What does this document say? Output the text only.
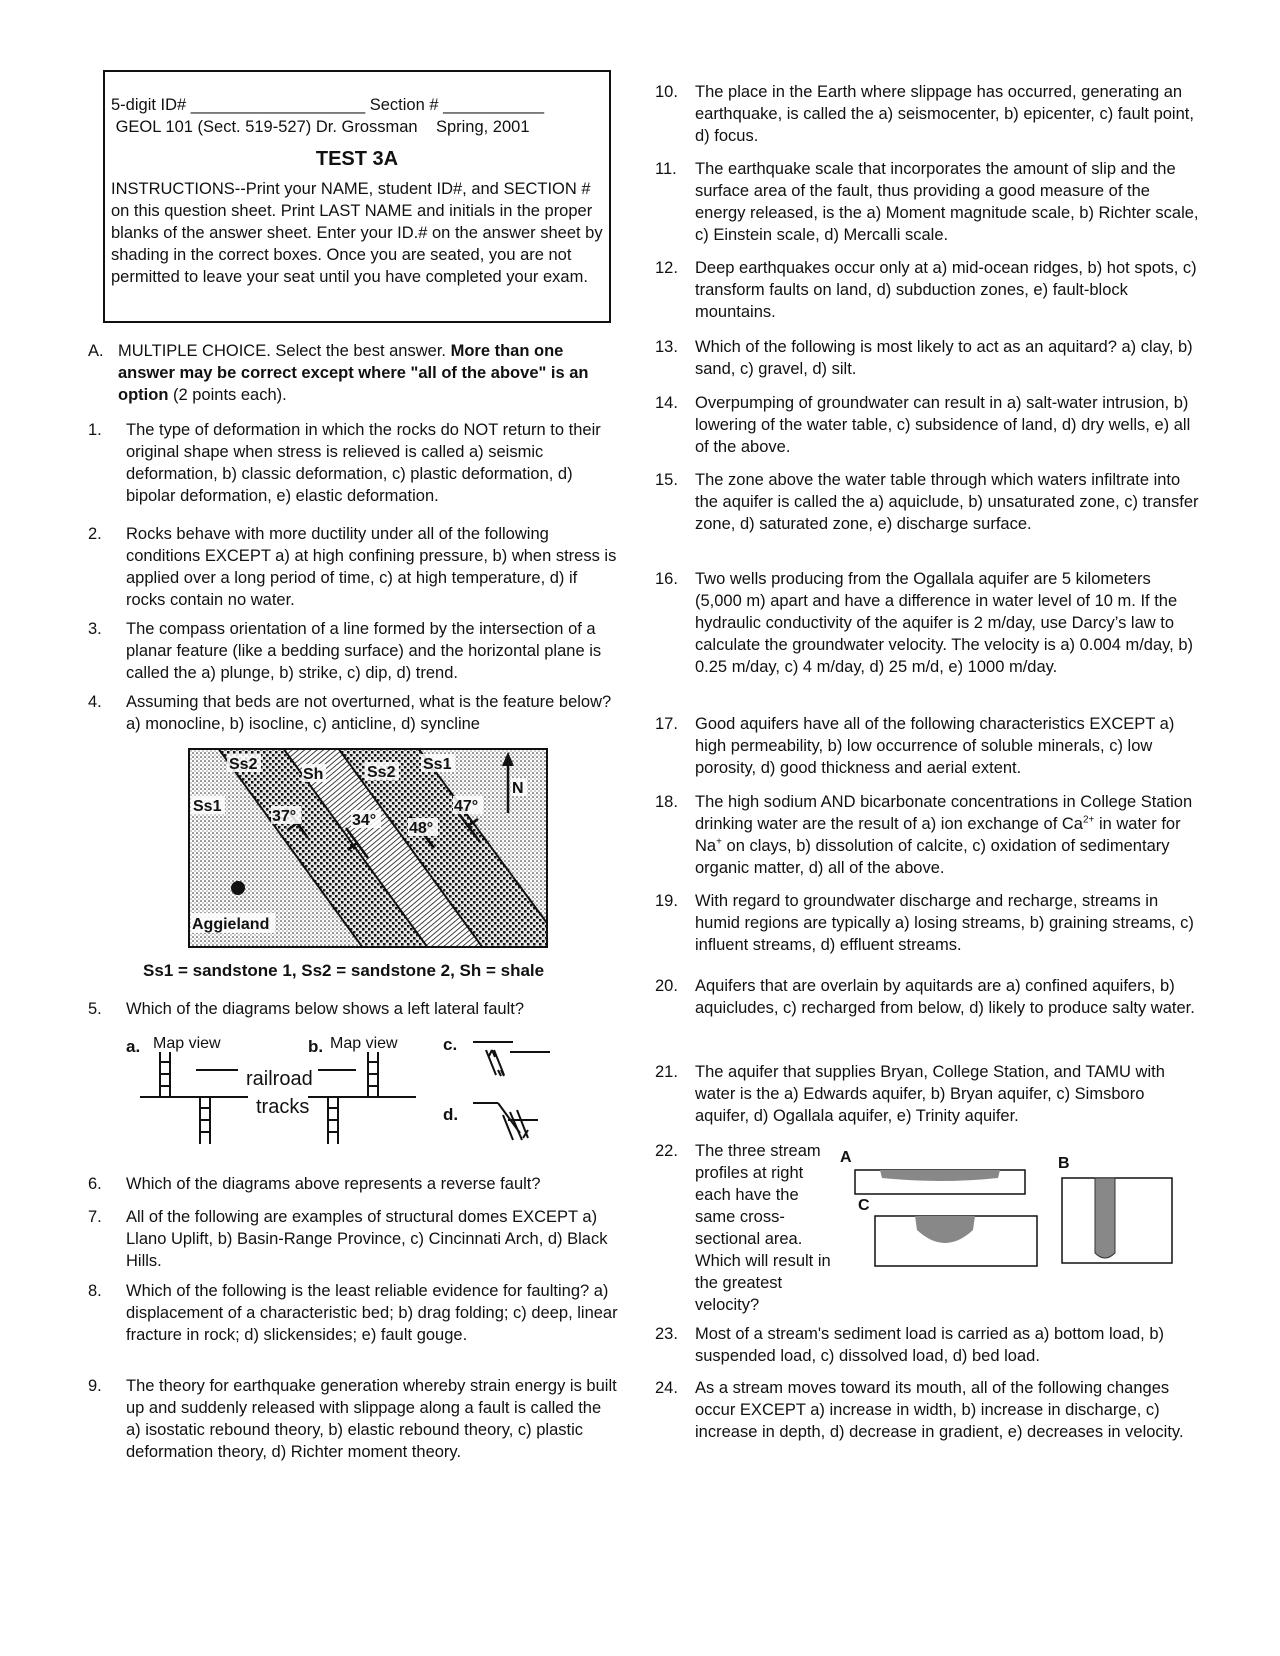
5-digit ID# ___________________ Section # ___________
GEOL 101 (Sect. 519-527) Dr. Grossman    Spring, 2001
TEST 3A
INSTRUCTIONS--Print your NAME, student ID#, and SECTION # on this question sheet. Print LAST NAME and initials in the proper blanks of the answer sheet. Enter your ID.# on the answer sheet by shading in the correct boxes. Once you are seated, you are not permitted to leave your seat until you have completed your exam.
A. MULTIPLE CHOICE. Select the best answer. More than one answer may be correct except where "all of the above" is an option (2 points each).
1. The type of deformation in which the rocks do NOT return to their original shape when stress is relieved is called a) seismic deformation, b) classic deformation, c) plastic deformation, d) bipolar deformation, e) elastic deformation.
2. Rocks behave with more ductility under all of the following conditions EXCEPT a) at high confining pressure, b) when stress is applied over a long period of time, c) at high temperature, d) if rocks contain no water.
3. The compass orientation of a line formed by the intersection of a planar feature (like a bedding surface) and the horizontal plane is called the a) plunge, b) strike, c) dip, d) trend.
4. Assuming that beds are not overturned, what is the feature below? a) monocline, b) isocline, c) anticline, d) syncline
Ss2
Sh	Ss2 Ss1
Ss1
N
37°	34° 48°
47°
Aggieland
Ss1 = sandstone 1, Ss2 = sandstone 2, Sh = shale
5. Which of the diagrams below shows a left lateral fault?
a. Map view	b. Map view	c.
d.
railroad
tracks
6. Which of the diagrams above represents a reverse fault?
7. All of the following are examples of structural domes EXCEPT a) Llano Uplift, b) Basin-Range Province, c) Cincinnati Arch, d) Black Hills.
8. Which of the following is the least reliable evidence for faulting? a) displacement of a characteristic bed; b) drag folding; c) deep, linear fracture in rock; d) slickensides; e) fault gouge.
9. The theory for earthquake generation whereby strain energy is built up and suddenly released with slippage along a fault is called the a) isostatic rebound theory, b) elastic rebound theory, c) plastic deformation theory, d) Richter moment theory.
10. The place in the Earth where slippage has occurred, generating an earthquake, is called the a) seismocenter, b) epicenter, c) fault point, d) focus.
11. The earthquake scale that incorporates the amount of slip and the surface area of the fault, thus providing a good measure of the energy released, is the a) Moment magnitude scale, b) Richter scale, c) Einstein scale, d) Mercalli scale.
12. Deep earthquakes occur only at a) mid-ocean ridges, b) hot spots, c) transform faults on land, d) subduction zones, e) fault-block mountains.
13. Which of the following is most likely to act as an aquitard? a) clay, b) sand, c) gravel, d) silt.
14. Overpumping of groundwater can result in a) salt-water intrusion, b) lowering of the water table, c) subsidence of land, d) dry wells, e) all of the above.
15. The zone above the water table through which waters infiltrate into the aquifer is called the a) aquiclude, b) unsaturated zone, c) transfer zone, d) saturated zone, e) discharge surface.
16. Two wells producing from the Ogallala aquifer are 5 kilometers (5,000 m) apart and have a difference in water level of 10 m. If the hydraulic conductivity of the aquifer is 2 m/day, use Darcy’s law to calculate the groundwater velocity. The velocity is a) 0.004 m/day, b) 0.25 m/day, c) 4 m/day, d) 25 m/d, e) 1000 m/day.
17. Good aquifers have all of the following characteristics EXCEPT a) high permeability, b) low occurrence of soluble minerals, c) low porosity, d) good thickness and aerial extent.
18. The high sodium AND bicarbonate concentrations in College Station drinking water are the result of a) ion exchange of $Ca^{2+}$ in water for Na+ on clays, b) dissolution of calcite, c) oxidation of sedimentary organic matter, d) all of the above.
19. With regard to groundwater discharge and recharge, streams in humid regions are typically a) losing streams, b) graining streams, c) influent streams, d) effluent streams.
20. Aquifers that are overlain by aquitards are a) confined aquifers, b) aquicludes, c) recharged from below, d) likely to produce salty water.
21. The aquifer that supplies Bryan, College Station, and TAMU with water is the a) Edwards aquifer, b) Bryan aquifer, c) Simsboro aquifer, d) Ogallala aquifer, e) Trinity aquifer.
22. The three stream profiles at right each have the same cross-sectional area. Which will result in the greatest velocity?
A	B
C
23. Most of a stream's sediment load is carried as a) bottom load, b) suspended load, c) dissolved load, d) bed load.
24. As a stream moves toward its mouth, all of the following changes occur EXCEPT a) increase in width, b) increase in discharge, c) increase in depth, d) decrease in gradient, e) decreases in velocity.
